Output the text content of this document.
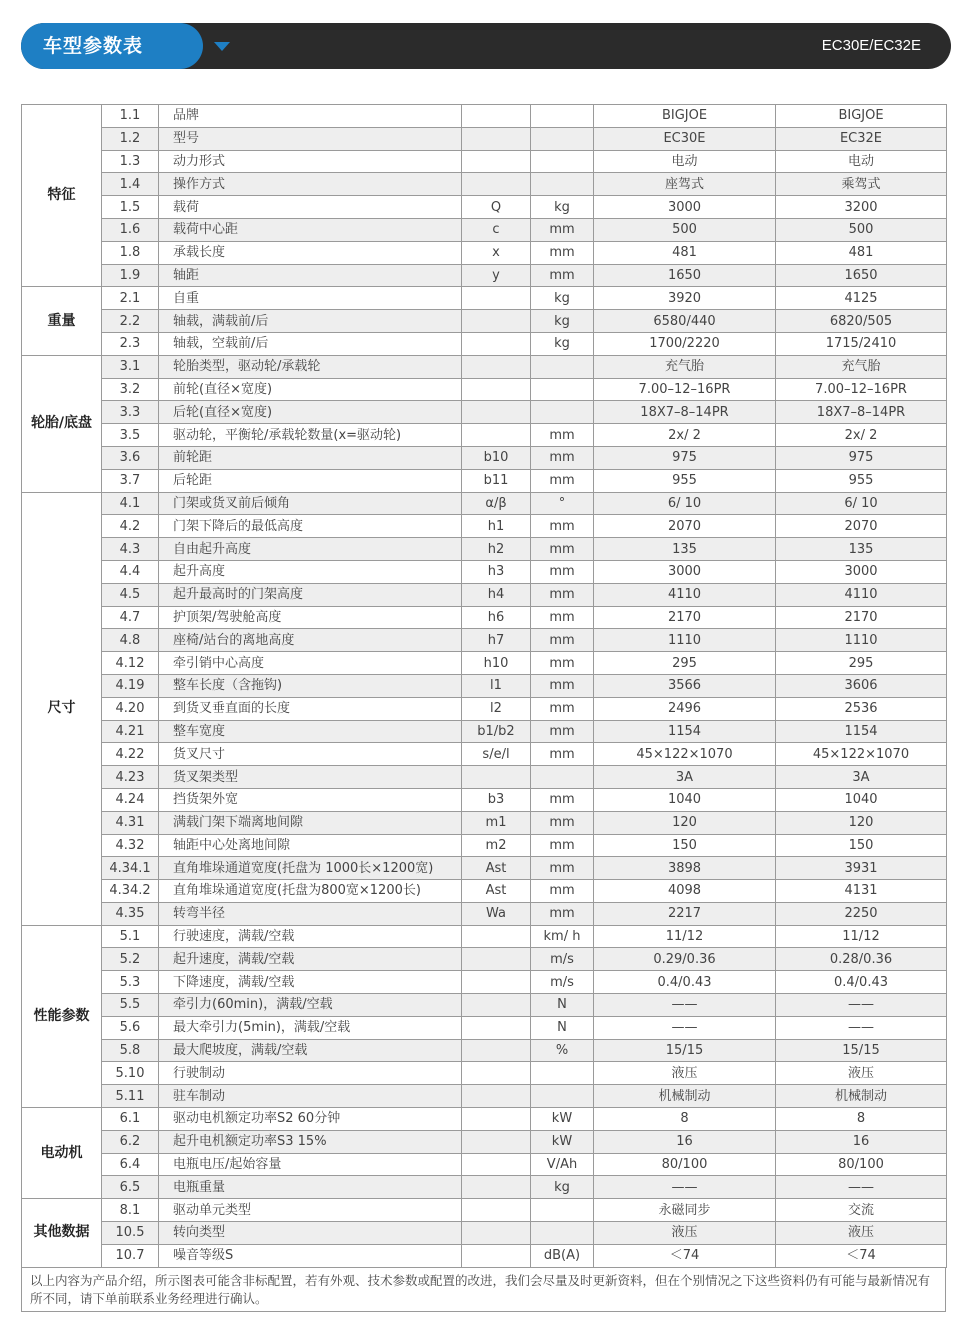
车型参数表	EC30E/EC32E
特征	1.1	品牌			BIGJOE	BIGJOE
	1.2	型号			EC30E	EC32E
	1.3	动力形式			电动	电动
	1.4	操作方式			座驾式	乘驾式
	1.5	载荷	Q	kg	3000	3200
	1.6	载荷中心距	c	mm	500	500
	1.8	承载长度	x	mm	481	481
	1.9	轴距	y	mm	1650	1650
重量	2.1	自重		kg	3920	4125
	2.2	轴载，满载前/后		kg	6580/440	6820/505
	2.3	轴载，空载前/后		kg	1700/2220	1715/2410
轮胎/底盘	3.1	轮胎类型，驱动轮/承载轮			充气胎	充气胎
	3.2	前轮(直径×宽度)			7.00–12–16PR	7.00–12–16PR
	3.3	后轮(直径×宽度)			18X7–8–14PR	18X7–8–14PR
	3.5	驱动轮，平衡轮/承载轮数量(x=驱动轮)		mm	2x/ 2	2x/ 2
	3.6	前轮距	b10	mm	975	975
	3.7	后轮距	b11	mm	955	955
尺寸	4.1	门架或货叉前后倾角	α/β	°	6/ 10	6/ 10
	4.2	门架下降后的最低高度	h1	mm	2070	2070
	4.3	自由起升高度	h2	mm	135	135
	4.4	起升高度	h3	mm	3000	3000
	4.5	起升最高时的门架高度	h4	mm	4110	4110
	4.7	护顶架/驾驶舱高度	h6	mm	2170	2170
	4.8	座椅/站台的离地高度	h7	mm	1110	1110
	4.12	牵引销中心高度	h10	mm	295	295
	4.19	整车长度（含拖钩)	l1	mm	3566	3606
	4.20	到货叉垂直面的长度	l2	mm	2496	2536
	4.21	整车宽度	b1/b2	mm	1154	1154
	4.22	货叉尺寸	s/e/l	mm	45×122×1070	45×122×1070
	4.23	货叉架类型			3A	3A
	4.24	挡货架外宽	b3	mm	1040	1040
	4.31	满载门架下端离地间隙	m1	mm	120	120
	4.32	轴距中心处离地间隙	m2	mm	150	150
	4.34.1	直角堆垛通道宽度(托盘为 1000长×1200宽)	Ast	mm	3898	3931
	4.34.2	直角堆垛通道宽度(托盘为800宽×1200长)	Ast	mm	4098	4131
	4.35	转弯半径	Wa	mm	2217	2250
性能参数	5.1	行驶速度，满载/空载		km/ h	11/12	11/12
	5.2	起升速度，满载/空载		m/s	0.29/0.36	0.28/0.36
	5.3	下降速度，满载/空载		m/s	0.4/0.43	0.4/0.43
	5.5	牵引力(60min)，满载/空载		N	——	——
	5.6	最大牵引力(5min)，满载/空载		N	——	——
	5.8	最大爬坡度，满载/空载		%	15/15	15/15
	5.10	行驶制动			液压	液压
	5.11	驻车制动			机械制动	机械制动
电动机	6.1	驱动电机额定功率S2 60分钟		kW	8	8
	6.2	起升电机额定功率S3 15%		kW	16	16
	6.4	电瓶电压/起始容量		V/Ah	80/100	80/100
	6.5	电瓶重量		kg	——	——
其他数据	8.1	驱动单元类型			永磁同步	交流
	10.5	转向类型			液压	液压
	10.7	噪音等级S		dB(A)	＜74	＜74
以上内容为产品介绍，所示图表可能含非标配置，若有外观、技术参数或配置的改进，我们会尽量及时更新资料，但在个别情况之下这些资料仍有可能与最新情况有所不同，请下单前联系业务经理进行确认。
